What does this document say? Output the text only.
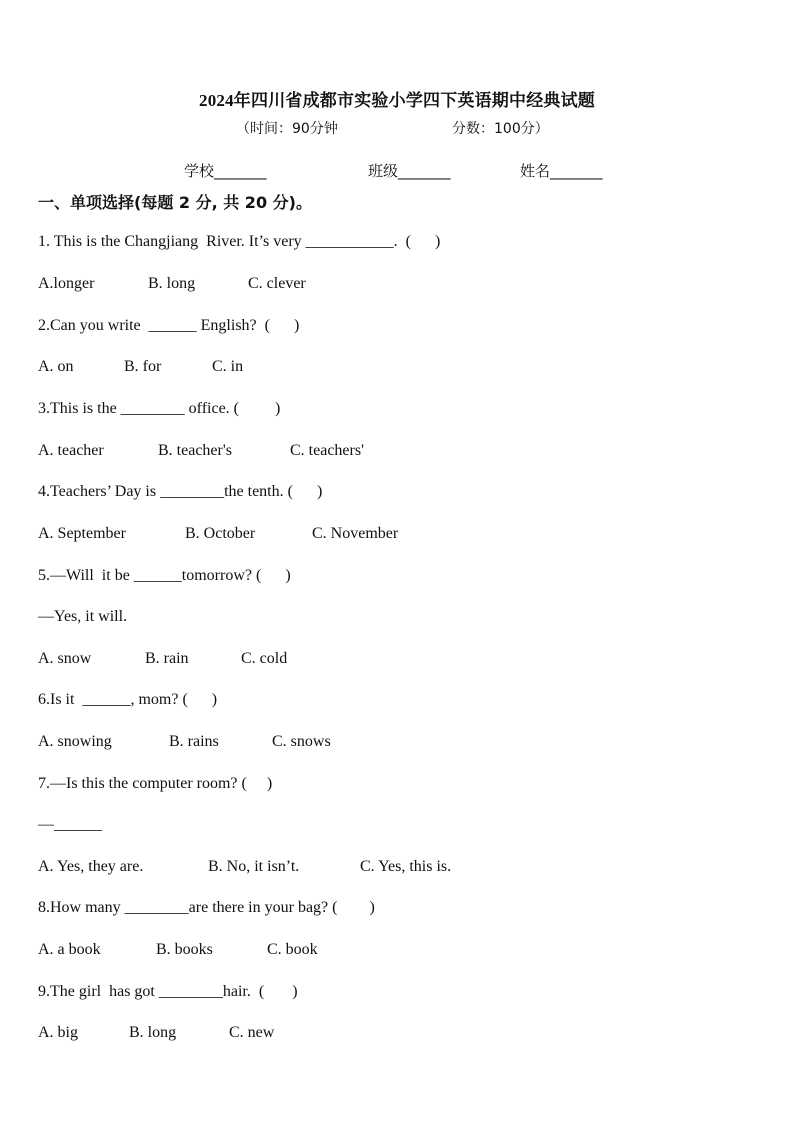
2024年四川省成都市实验小学四下英语期中经典试题
（时间：90分钟	分数：100分）
学校_______	班级_______	姓名_______
一、单项选择(每题 2 分, 共 20 分)。
1. This is the Changjiang  River. It’s very ___________.  (      )
A.longer	B. long	C. clever
2.Can you write  ______ English?  (      )
A. on	B. for	C. in
3.This is the ________ office. (         )
A. teacher	B. teacher's	C. teachers'
4.Teachers’ Day is ________the tenth. (      )
A. September	B. October	C. November
5.—Will  it be ______tomorrow? (      )
—Yes, it will.
A. snow	B. rain	C. cold
6.Is it  ______, mom? (      )
A. snowing	B. rains	C. snows
7.—Is this the computer room? (     )
—______
A. Yes, they are.	B. No, it isn’t.	C. Yes, this is.
8.How many ________are there in your bag? (        )
A. a book	B. books	C. book
9.The girl  has got ________hair.  (       )
A. big	B. long	C. new
